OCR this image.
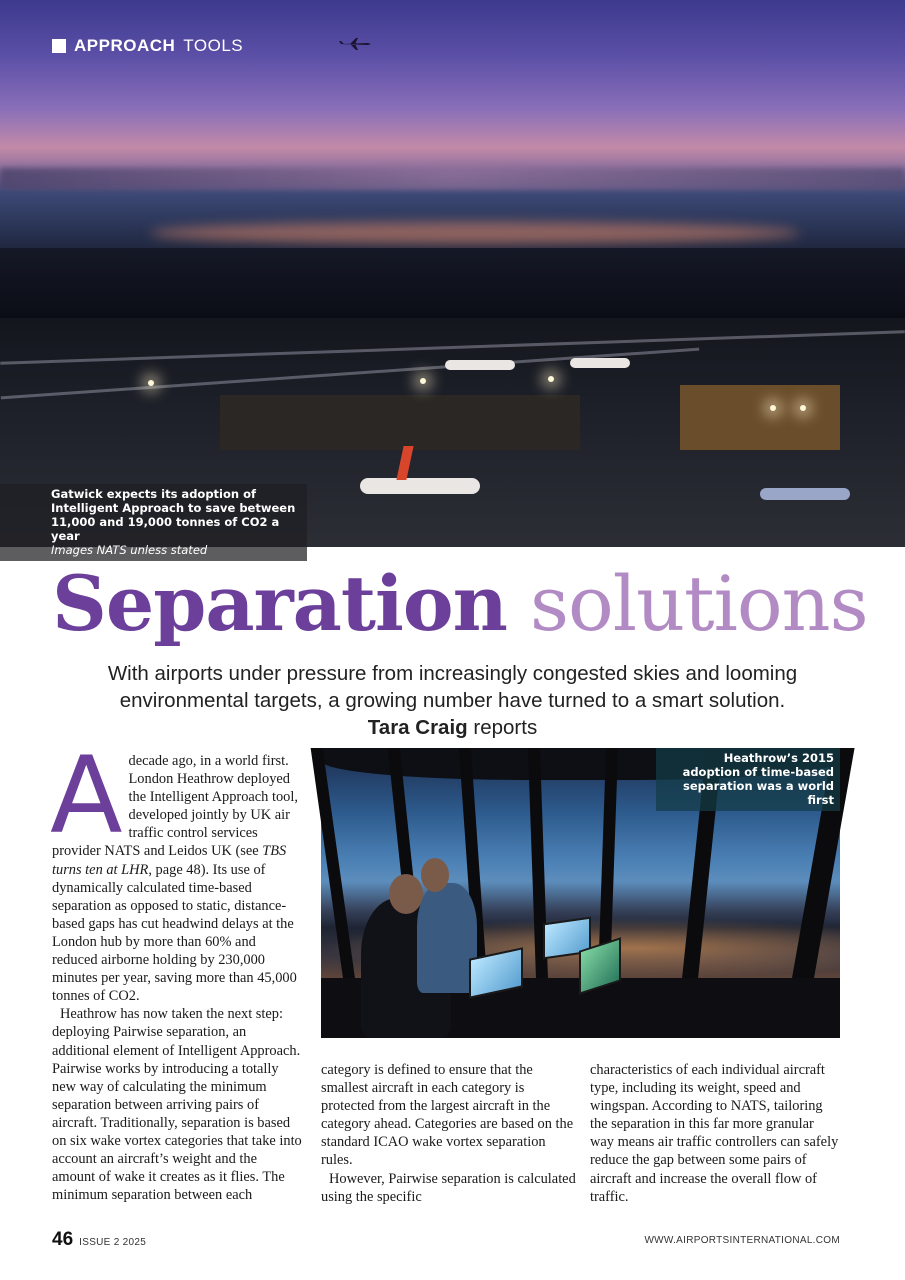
APPROACH TOOLS
Gatwick expects its adoption of Intelligent Approach to save between 11,000 and 19,000 tonnes of CO2 a year
Images NATS unless stated
Separation solutions
With airports under pressure from increasingly congested skies and looming environmental targets, a growing number have turned to a smart solution. Tara Craig reports

Adecade ago, in a world first. London Heathrow deployed the Intelligent Approach tool, developed jointly by UK air traffic control services provider NATS and Leidos UK (see TBS turns ten at LHR, page 48). Its use of dynamically calculated time-based separation as opposed to static, distance-based gaps has cut headwind delays at the London hub by more than 60% and reduced airborne holding by 230,000 minutes per year, saving more than 45,000 tonnes of CO2.

Heathrow has now taken the next step: deploying Pairwise separation, an additional element of Intelligent Approach. Pairwise works by introducing a totally new way of calculating the minimum separation between arriving pairs of aircraft. Traditionally, separation is based on six wake vortex categories that take into account an aircraft’s weight and the amount of wake it creates as it flies. The minimum separation between each

Heathrow’s 2015 adoption of time-based separation was a world first

category is defined to ensure that the smallest aircraft in each category is protected from the largest aircraft in the category ahead. Categories are based on the standard ICAO wake vortex separation rules.

However, Pairwise separation is calculated using the specific

characteristics of each individual aircraft type, including its weight, speed and wingspan. According to NATS, tailoring the separation in this far more granular way means air traffic controllers can safely reduce the gap between some pairs of aircraft and increase the overall flow of traffic.

46 ISSUE 2 2025	WWW.AIRPORTSINTERNATIONAL.COM
